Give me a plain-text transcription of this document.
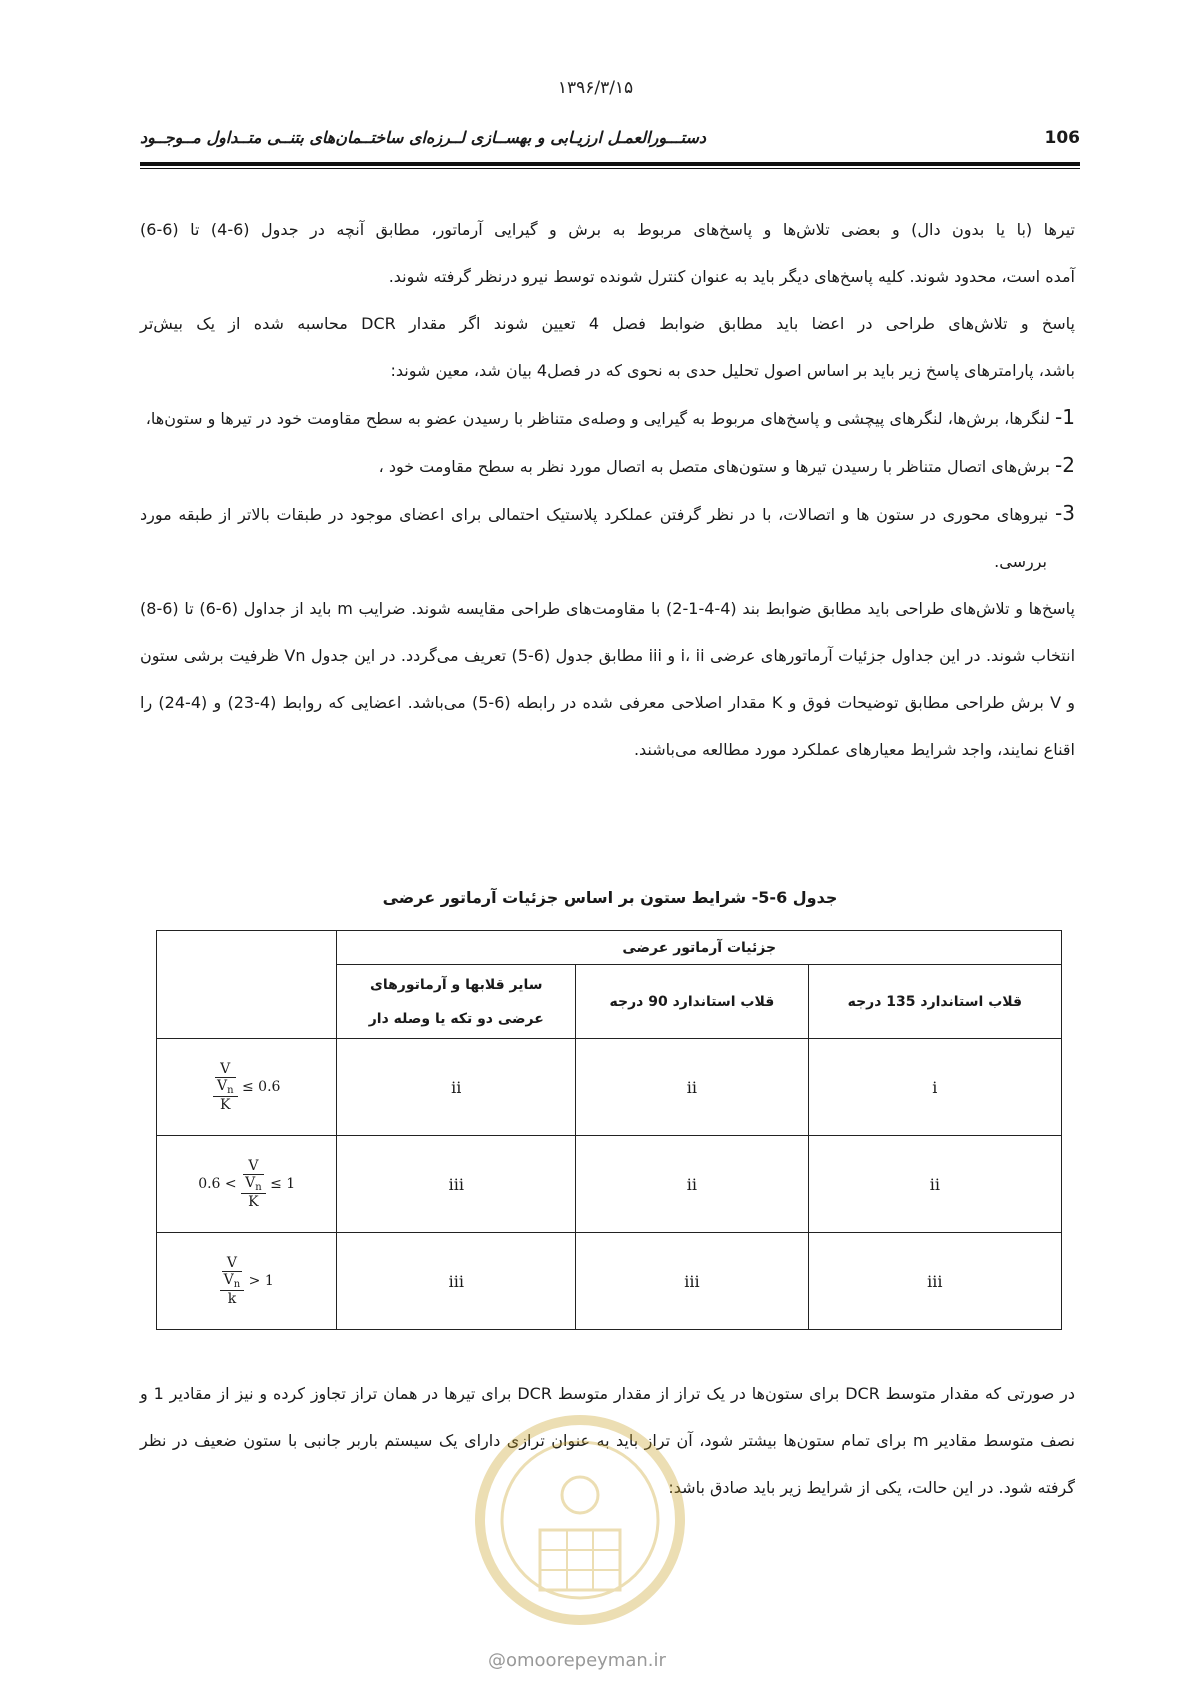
۱۳۹۶/۳/۱۵
106
دستـــورالعمـل ارزیـابی و بهســازی لــرزه‌ای ساختــمان‌های بتنــی متــداول مــوجــود

تیرها (با یا بدون دال) و بعضی تلاش‌ها و پاسخ‌های مربوط به برش و گیرایی آرماتور، مطابق آنچه در جدول (6-4) تا (6-6)

آمده است، محدود شوند. کلیه پاسخ‌های دیگر باید به عنوان کنترل شونده توسط نیرو درنظر گرفته شوند.

پاسخ و تلاش‌های طراحی در اعضا باید مطابق ضوابط فصل 4 تعیین شوند اگر مقدار DCR محاسبه شده از یک بیش‌تر

باشد، پارامترهای پاسخ زیر باید بر اساس اصول تحلیل حدی به نحوی که در فصل4 بیان شد، معین شوند:

1- لنگرها، برش‌ها، لنگرهای پیچشی و پاسخ‌های مربوط به گیرایی و وصله‌ی متناظر با رسیدن عضو به سطح مقاومت خود در تیرها و ستون‌ها،

2- برش‌های اتصال متناظر با رسیدن تیرها و ستون‌های متصل به اتصال مورد نظر به سطح مقاومت خود ،

3- نیروهای محوری در ستون ها و اتصالات، با در نظر گرفتن عملکرد پلاستیک احتمالی برای اعضای موجود در طبقات بالاتر از طبقه مورد بررسی.

پاسخ‌ها و تلاش‌های طراحی باید مطابق ضوابط بند (4-4-1-2) با مقاومت‌های طراحی مقایسه شوند. ضرایب m باید از جداول (6-6) تا (6-8) انتخاب شوند. در این جداول جزئیات آرماتورهای عرضی i، ii و iii مطابق جدول (6-5) تعریف می‌گردد. در این جدول Vn ظرفیت برشی ستون و V برش طراحی مطابق توضیحات فوق و K مقدار اصلاحی معرفی شده در رابطه (6-5) می‌باشد. اعضایی که روابط (4-23) و (4-24) را اقناع نمایند، واجد شرایط معیارهای عملکرد مورد مطالعه می‌باشند.

جدول 6-5- شرایط ستون بر اساس جزئیات آرماتور عرضی
جزئیات آرماتور عرضی			
قلاب استاندارد 135 درجه	قلاب استاندارد 90 درجه	سایر قلابها و آرماتورهای
عرضی دو تکه یا وصله دار	
i	ii	ii	$\frac{\frac{V}{V_n}}{K} \le 0.6$
ii	ii	iii	$0.6 < \frac{\frac{V}{V_n}}{K} \le 1$
iii	iii	iii	$\frac{\frac{V}{V_n}}{k} > 1$

در صورتی که مقدار متوسط DCR برای ستون‌ها در یک تراز از مقدار متوسط DCR برای تیرها در همان تراز تجاوز کرده و نیز از مقادیر 1 و نصف متوسط مقادیر m برای تمام ستون‌ها بیشتر شود، آن تراز باید به عنوان ترازی دارای یک سیستم باربر جانبی با ستون ضعیف در نظر گرفته شود. در این حالت، یکی از شرایط زیر باید صادق باشد:

@omoorepeyman.ir
